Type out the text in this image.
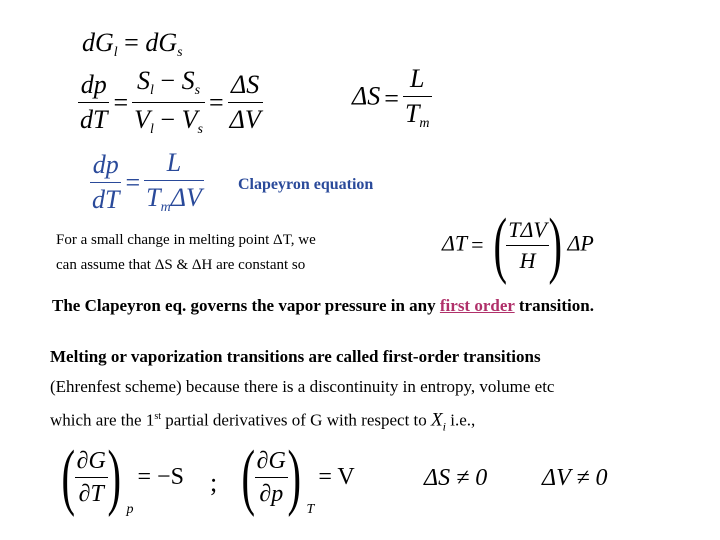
$dG_l = dG_s$
$\frac{dp}{dT} = \frac{S_l - S_s}{V_l - V_s} = \frac{\Delta S}{\Delta V}$	$\Delta S = \frac{L}{T_m}$
$\frac{dp}{dT} = \frac{L}{T_m\Delta V}$ Clapeyron equation
For a small change in melting point ΔT, we
can assume that ΔS & ΔH are constant so
ΔT = ( $\frac{\text{TΔV}}{H}$ ) ΔP
The Clapeyron eq. governs the vapor pressure in any first order transition.
Melting or vaporization transitions are called first-order transitions
(Ehrenfest scheme) because there is a discontinuity in entropy, volume etc
which are the 1st partial derivatives of G with respect to $X_i$ i.e.,
( $\frac{\partial G}{\partial T}$ ) $_p$= −S ; ( $\frac{\partial G}{\partial p}$ ) $_T$= V	ΔS ≠ 0 ΔV ≠ 0
